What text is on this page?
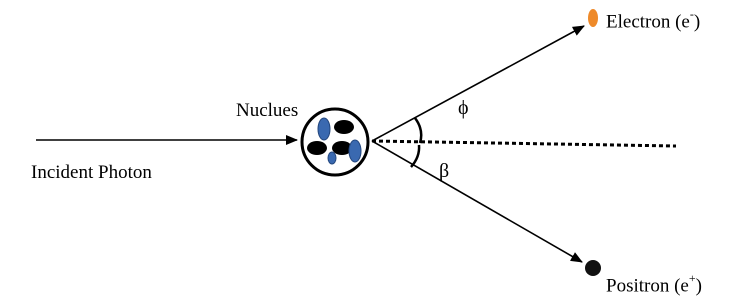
Nuclues
Incident Photon
Electron (e-)
Positron (e+)
ϕ
β
